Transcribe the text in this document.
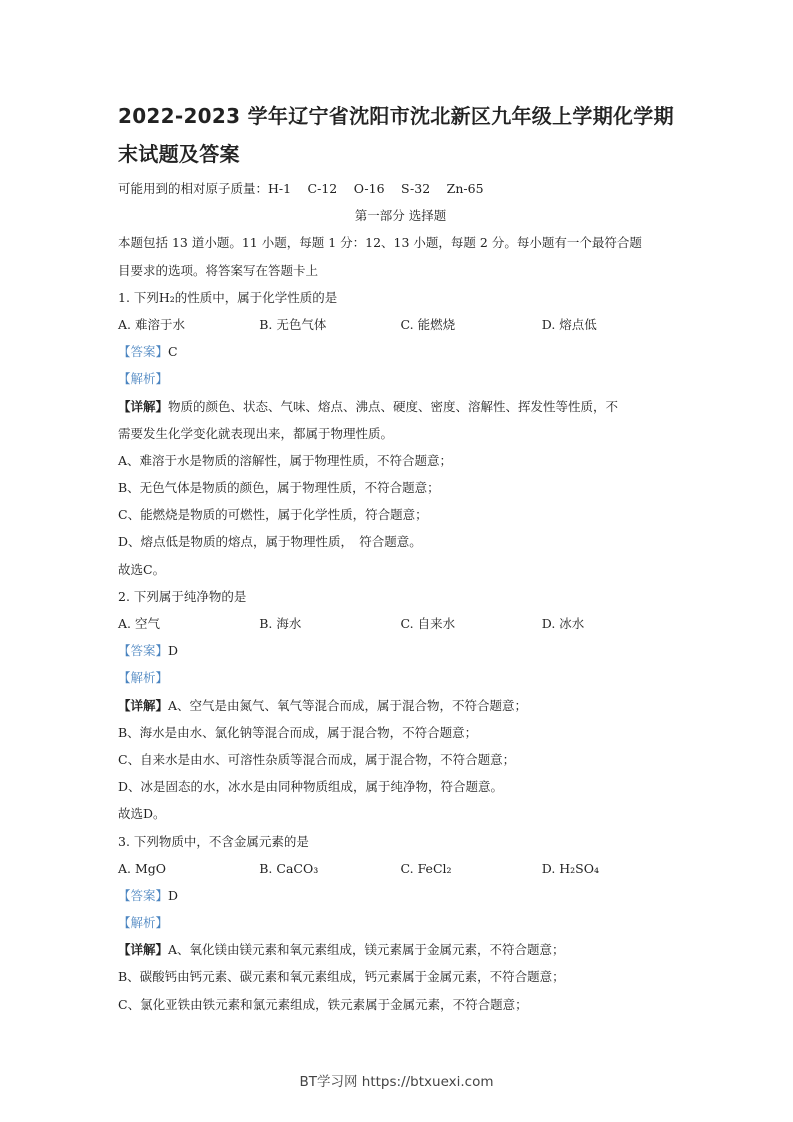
2022-2023 学年辽宁省沈阳市沈北新区九年级上学期化学期
末试题及答案
可能用到的相对原子质量：H-1　 C-12　 O-16　 S-32　 Zn-65
第一部分 选择题
本题包括 13 道小题。11 小题，每题 1 分：12、13 小题，每题 2 分。每小题有一个最符合题
目要求的选项。将答案写在答题卡上
1. 下列H₂的性质中，属于化学性质的是
A. 难溶于水	B. 无色气体	C. 能燃烧	D. 熔点低
【答案】C
【解析】
【详解】物质的颜色、状态、气味、熔点、沸点、硬度、密度、溶解性、挥发性等性质，不
需要发生化学变化就表现出来，都属于物理性质。
A、难溶于水是物质的溶解性，属于物理性质，不符合题意；
B、无色气体是物质的颜色，属于物理性质，不符合题意；
C、能燃烧是物质的可燃性，属于化学性质，符合题意；
D、熔点低是物质的熔点，属于物理性质，　符合题意。
故选C。
2. 下列属于纯净物的是
A. 空气	B. 海水	C. 自来水	D. 冰水
【答案】D
【解析】
【详解】A、空气是由氮气、氧气等混合而成，属于混合物，不符合题意；
B、海水是由水、氯化钠等混合而成，属于混合物，不符合题意；
C、自来水是由水、可溶性杂质等混合而成，属于混合物，不符合题意；
D、冰是固态的水，冰水是由同种物质组成，属于纯净物，符合题意。
故选D。
3. 下列物质中，不含金属元素的是
A. MgO	B. CaCO₃	C. FeCl₂	D. H₂SO₄
【答案】D
【解析】
【详解】A、氧化镁由镁元素和氧元素组成，镁元素属于金属元素，不符合题意；
B、碳酸钙由钙元素、碳元素和氧元素组成，钙元素属于金属元素，不符合题意；
C、氯化亚铁由铁元素和氯元素组成，铁元素属于金属元素，不符合题意；
BT学习网 https://btxuexi.com
